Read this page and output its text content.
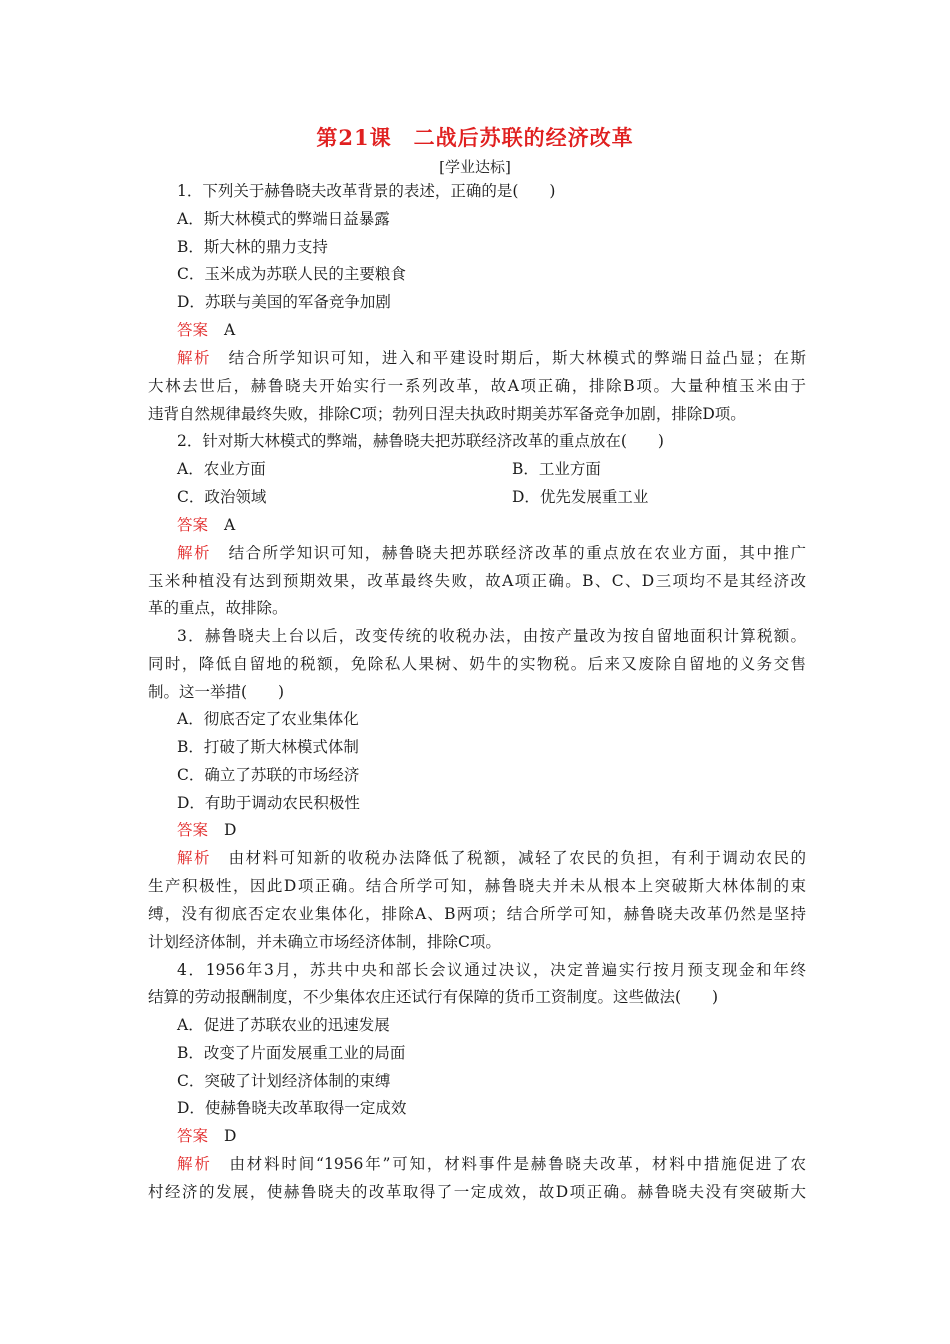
第21课　二战后苏联的经济改革
[学业达标]
1．下列关于赫鲁晓夫改革背景的表述，正确的是(　　)
A．斯大林模式的弊端日益暴露
B．斯大林的鼎力支持
C．玉米成为苏联人民的主要粮食
D．苏联与美国的军备竞争加剧
答案 A
解析 结合所学知识可知，进入和平建设时期后，斯大林模式的弊端日益凸显；在斯
大林去世后，赫鲁晓夫开始实行一系列改革，故A项正确，排除B项。大量种植玉米由于
违背自然规律最终失败，排除C项；勃列日涅夫执政时期美苏军备竞争加剧，排除D项。
2．针对斯大林模式的弊端，赫鲁晓夫把苏联经济改革的重点放在(　　)
A．农业方面	B．工业方面
C．政治领域	D．优先发展重工业
答案 A
解析 结合所学知识可知，赫鲁晓夫把苏联经济改革的重点放在农业方面，其中推广
玉米种植没有达到预期效果，改革最终失败，故A项正确。B、C、D三项均不是其经济改
革的重点，故排除。
3．赫鲁晓夫上台以后，改变传统的收税办法，由按产量改为按自留地面积计算税额。
同时，降低自留地的税额，免除私人果树、奶牛的实物税。后来又废除自留地的义务交售
制。这一举措(　　)
A．彻底否定了农业集体化
B．打破了斯大林模式体制
C．确立了苏联的市场经济
D．有助于调动农民积极性
答案 D
解析 由材料可知新的收税办法降低了税额，减轻了农民的负担，有利于调动农民的
生产积极性，因此D项正确。结合所学可知，赫鲁晓夫并未从根本上突破斯大林体制的束
缚，没有彻底否定农业集体化，排除A、B两项；结合所学可知，赫鲁晓夫改革仍然是坚持
计划经济体制，并未确立市场经济体制，排除C项。
4．1956年3月，苏共中央和部长会议通过决议，决定普遍实行按月预支现金和年终
结算的劳动报酬制度，不少集体农庄还试行有保障的货币工资制度。这些做法(　　)
A．促进了苏联农业的迅速发展
B．改变了片面发展重工业的局面
C．突破了计划经济体制的束缚
D．使赫鲁晓夫改革取得一定成效
答案 D
解析 由材料时间“1956年”可知，材料事件是赫鲁晓夫改革，材料中措施促进了农
村经济的发展，使赫鲁晓夫的改革取得了一定成效，故D项正确。赫鲁晓夫没有突破斯大
